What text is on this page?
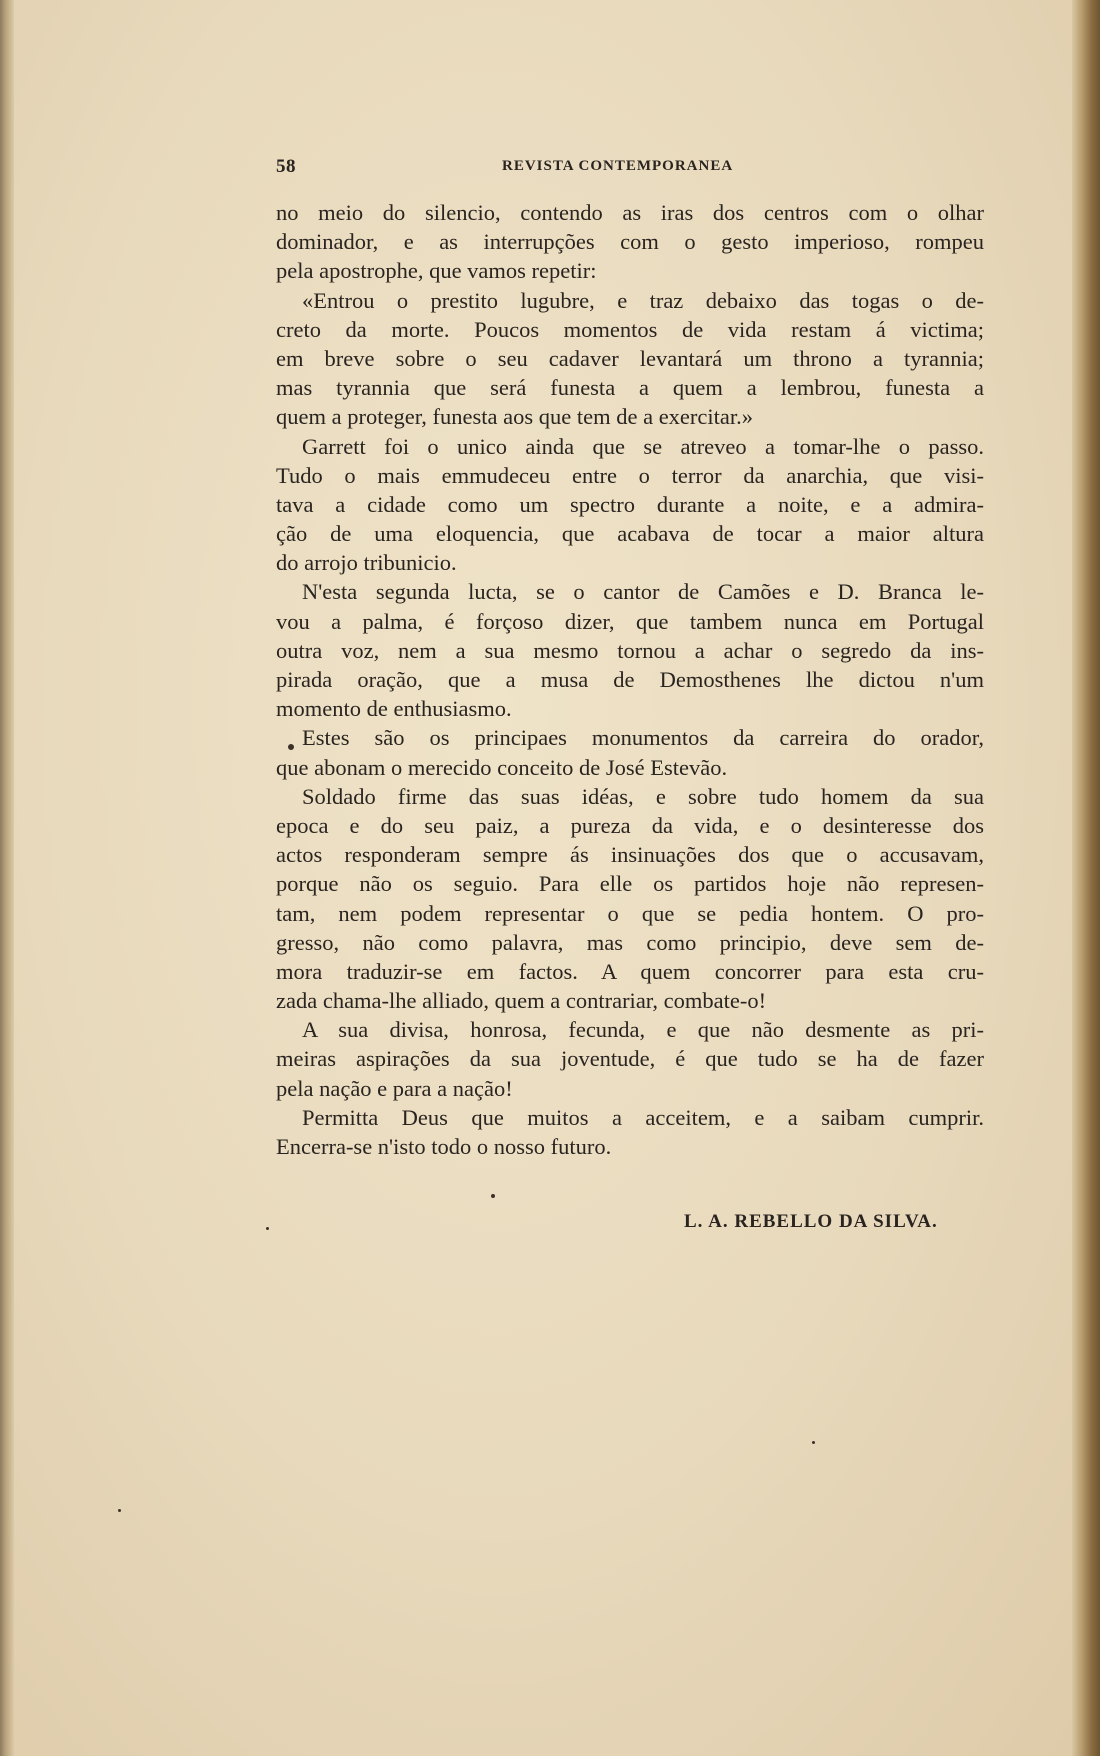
58	REVISTA CONTEMPORANEA
no meio do silencio, contendo as iras dos centros com o olhar
dominador, e as interrupções com o gesto imperioso, rompeu
pela apostrophe, que vamos repetir:
«Entrou o prestito lugubre, e traz debaixo das togas o de-
creto da morte. Poucos momentos de vida restam á victima;
em breve sobre o seu cadaver levantará um throno a tyrannia;
mas tyrannia que será funesta a quem a lembrou, funesta a
quem a proteger, funesta aos que tem de a exercitar.»
Garrett foi o unico ainda que se atreveo a tomar-lhe o passo.
Tudo o mais emmudeceu entre o terror da anarchia, que visi-
tava a cidade como um spectro durante a noite, e a admira-
ção de uma eloquencia, que acabava de tocar a maior altura
do arrojo tribunicio.
N'esta segunda lucta, se o cantor de Camões e D. Branca le-
vou a palma, é forçoso dizer, que tambem nunca em Portugal
outra voz, nem a sua mesmo tornou a achar o segredo da ins-
pirada oração, que a musa de Demosthenes lhe dictou n'um
momento de enthusiasmo.
Estes são os principaes monumentos da carreira do orador,
que abonam o merecido conceito de José Estevão.
Soldado firme das suas idéas, e sobre tudo homem da sua
epoca e do seu paiz, a pureza da vida, e o desinteresse dos
actos responderam sempre ás insinuações dos que o accusavam,
porque não os seguio. Para elle os partidos hoje não represen-
tam, nem podem representar o que se pedia hontem. O pro-
gresso, não como palavra, mas como principio, deve sem de-
mora traduzir-se em factos. A quem concorrer para esta cru-
zada chama-lhe alliado, quem a contrariar, combate-o!
A sua divisa, honrosa, fecunda, e que não desmente as pri-
meiras aspirações da sua joventude, é que tudo se ha de fazer
pela nação e para a nação!
Permitta Deus que muitos a acceitem, e a saibam cumprir.
Encerra-se n'isto todo o nosso futuro.
L. A. REBELLO DA SILVA.
